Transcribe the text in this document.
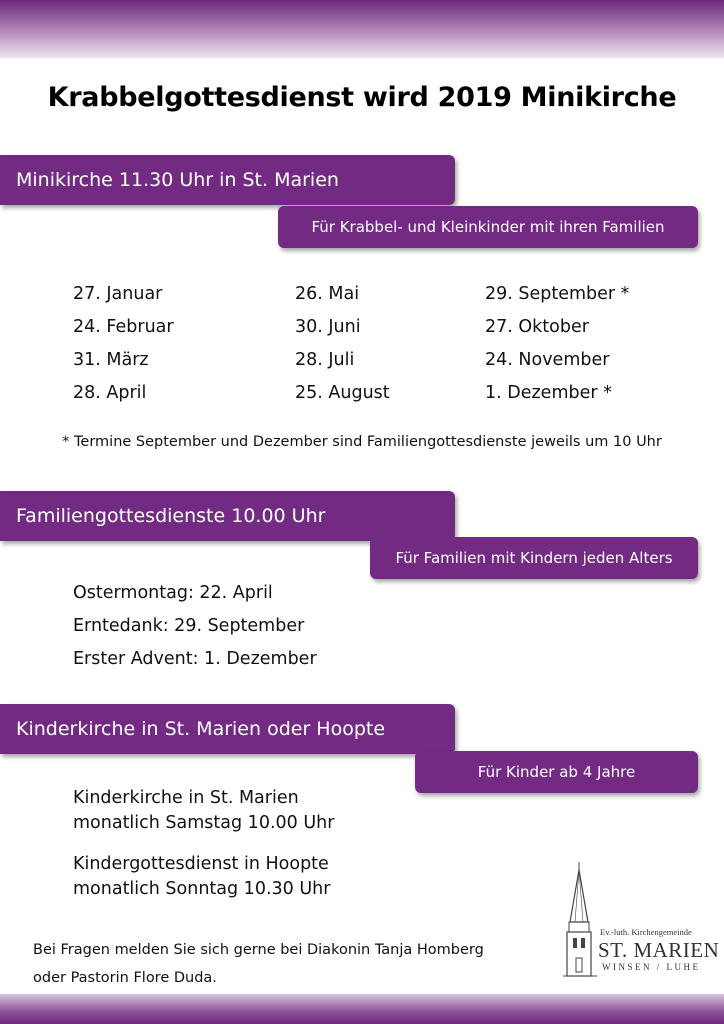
Krabbelgottesdienst wird 2019 Minikirche
Minikirche 11.30 Uhr in St. Marien
Für Krabbel- und Kleinkinder mit ihren Familien
27. Januar
24. Februar
31. März
28. April
26. Mai
30. Juni
28. Juli
25. August
29. September *
27. Oktober
24. November
1. Dezember *
* Termine September und Dezember sind Familiengottesdienste jeweils um 10 Uhr
Familiengottesdienste 10.00 Uhr
Für Familien mit Kindern jeden Alters
Ostermontag: 22. April
Erntedank: 29. September
Erster Advent: 1. Dezember
Kinderkirche in St. Marien oder Hoopte
Für Kinder ab 4 Jahre
Kinderkirche in St. Marien
monatlich Samstag 10.00 Uhr
Kindergottesdienst in Hoopte
monatlich Sonntag 10.30 Uhr
Bei Fragen melden Sie sich gerne bei Diakonin Tanja Homberg
oder Pastorin Flore Duda.
Ev.-luth. Kirchengemeinde
ST. MARIEN
WINSEN / LUHE
